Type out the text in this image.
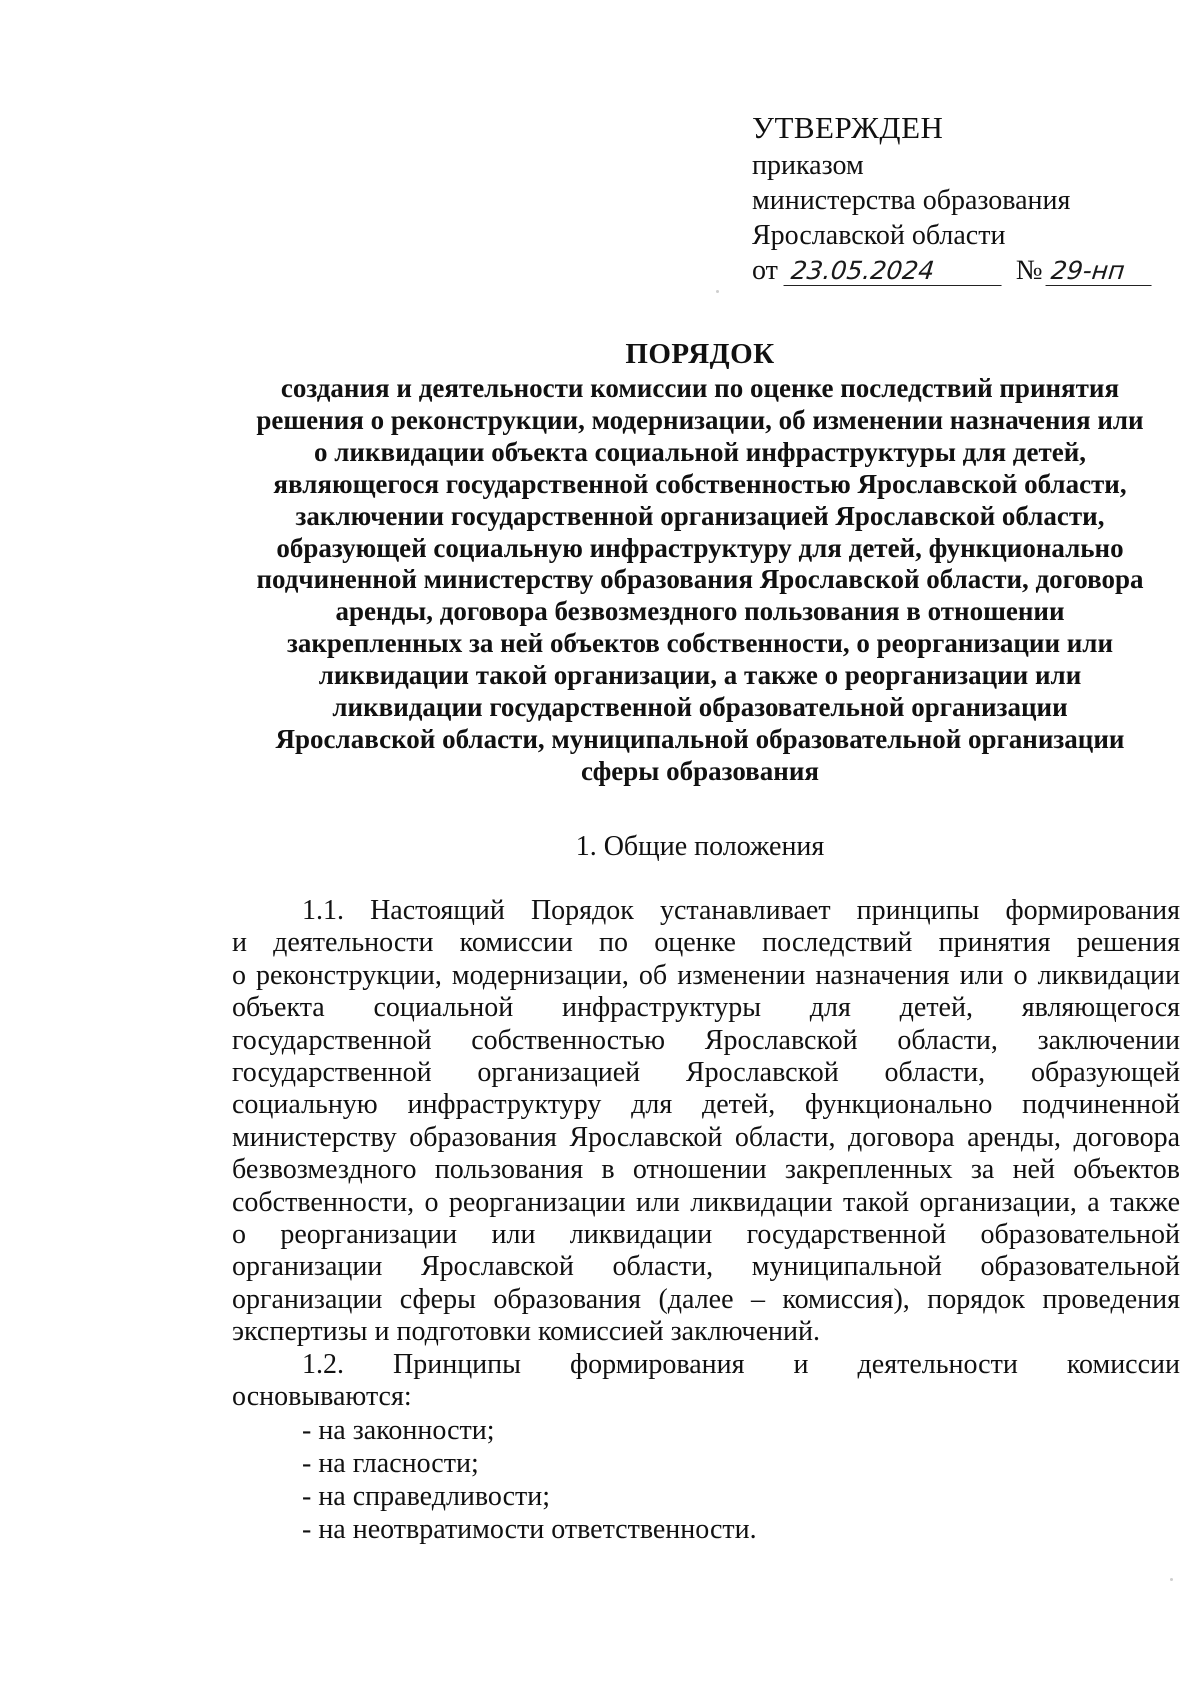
УТВЕРЖДЕН
приказом
министерства образования
Ярославской области
от 23.05.2024	№ 29-нп
ПОРЯДОК
создания и деятельности комиссии по оценке последствий принятия
решения о реконструкции, модернизации, об изменении назначения или
о ликвидации объекта социальной инфраструктуры для детей,
являющегося государственной собственностью Ярославской области,
заключении государственной организацией Ярославской области,
образующей социальную инфраструктуру для детей, функционально
подчиненной министерству образования Ярославской области, договора
аренды, договора безвозмездного пользования в отношении
закрепленных за ней объектов собственности, о реорганизации или
ликвидации такой организации, а также о реорганизации или
ликвидации государственной образовательной организации
Ярославской области, муниципальной образовательной организации
сферы образования
1. Общие положения
1.1. Настоящий Порядок устанавливает принципы формирования
и деятельности комиссии по оценке последствий принятия решения
о реконструкции, модернизации, об изменении назначения или о ликвидации
объекта социальной инфраструктуры для детей, являющегося
государственной собственностью Ярославской области, заключении
государственной организацией Ярославской области, образующей
социальную инфраструктуру для детей, функционально подчиненной
министерству образования Ярославской области, договора аренды, договора
безвозмездного пользования в отношении закрепленных за ней объектов
собственности, о реорганизации или ликвидации такой организации, а также
о реорганизации или ликвидации государственной образовательной
организации Ярославской области, муниципальной образовательной
организации сферы образования (далее – комиссия), порядок проведения
экспертизы и подготовки комиссией заключений.
1.2. Принципы формирования и деятельности комиссии
основываются:
- на законности;
- на гласности;
- на справедливости;
- на неотвратимости ответственности.
